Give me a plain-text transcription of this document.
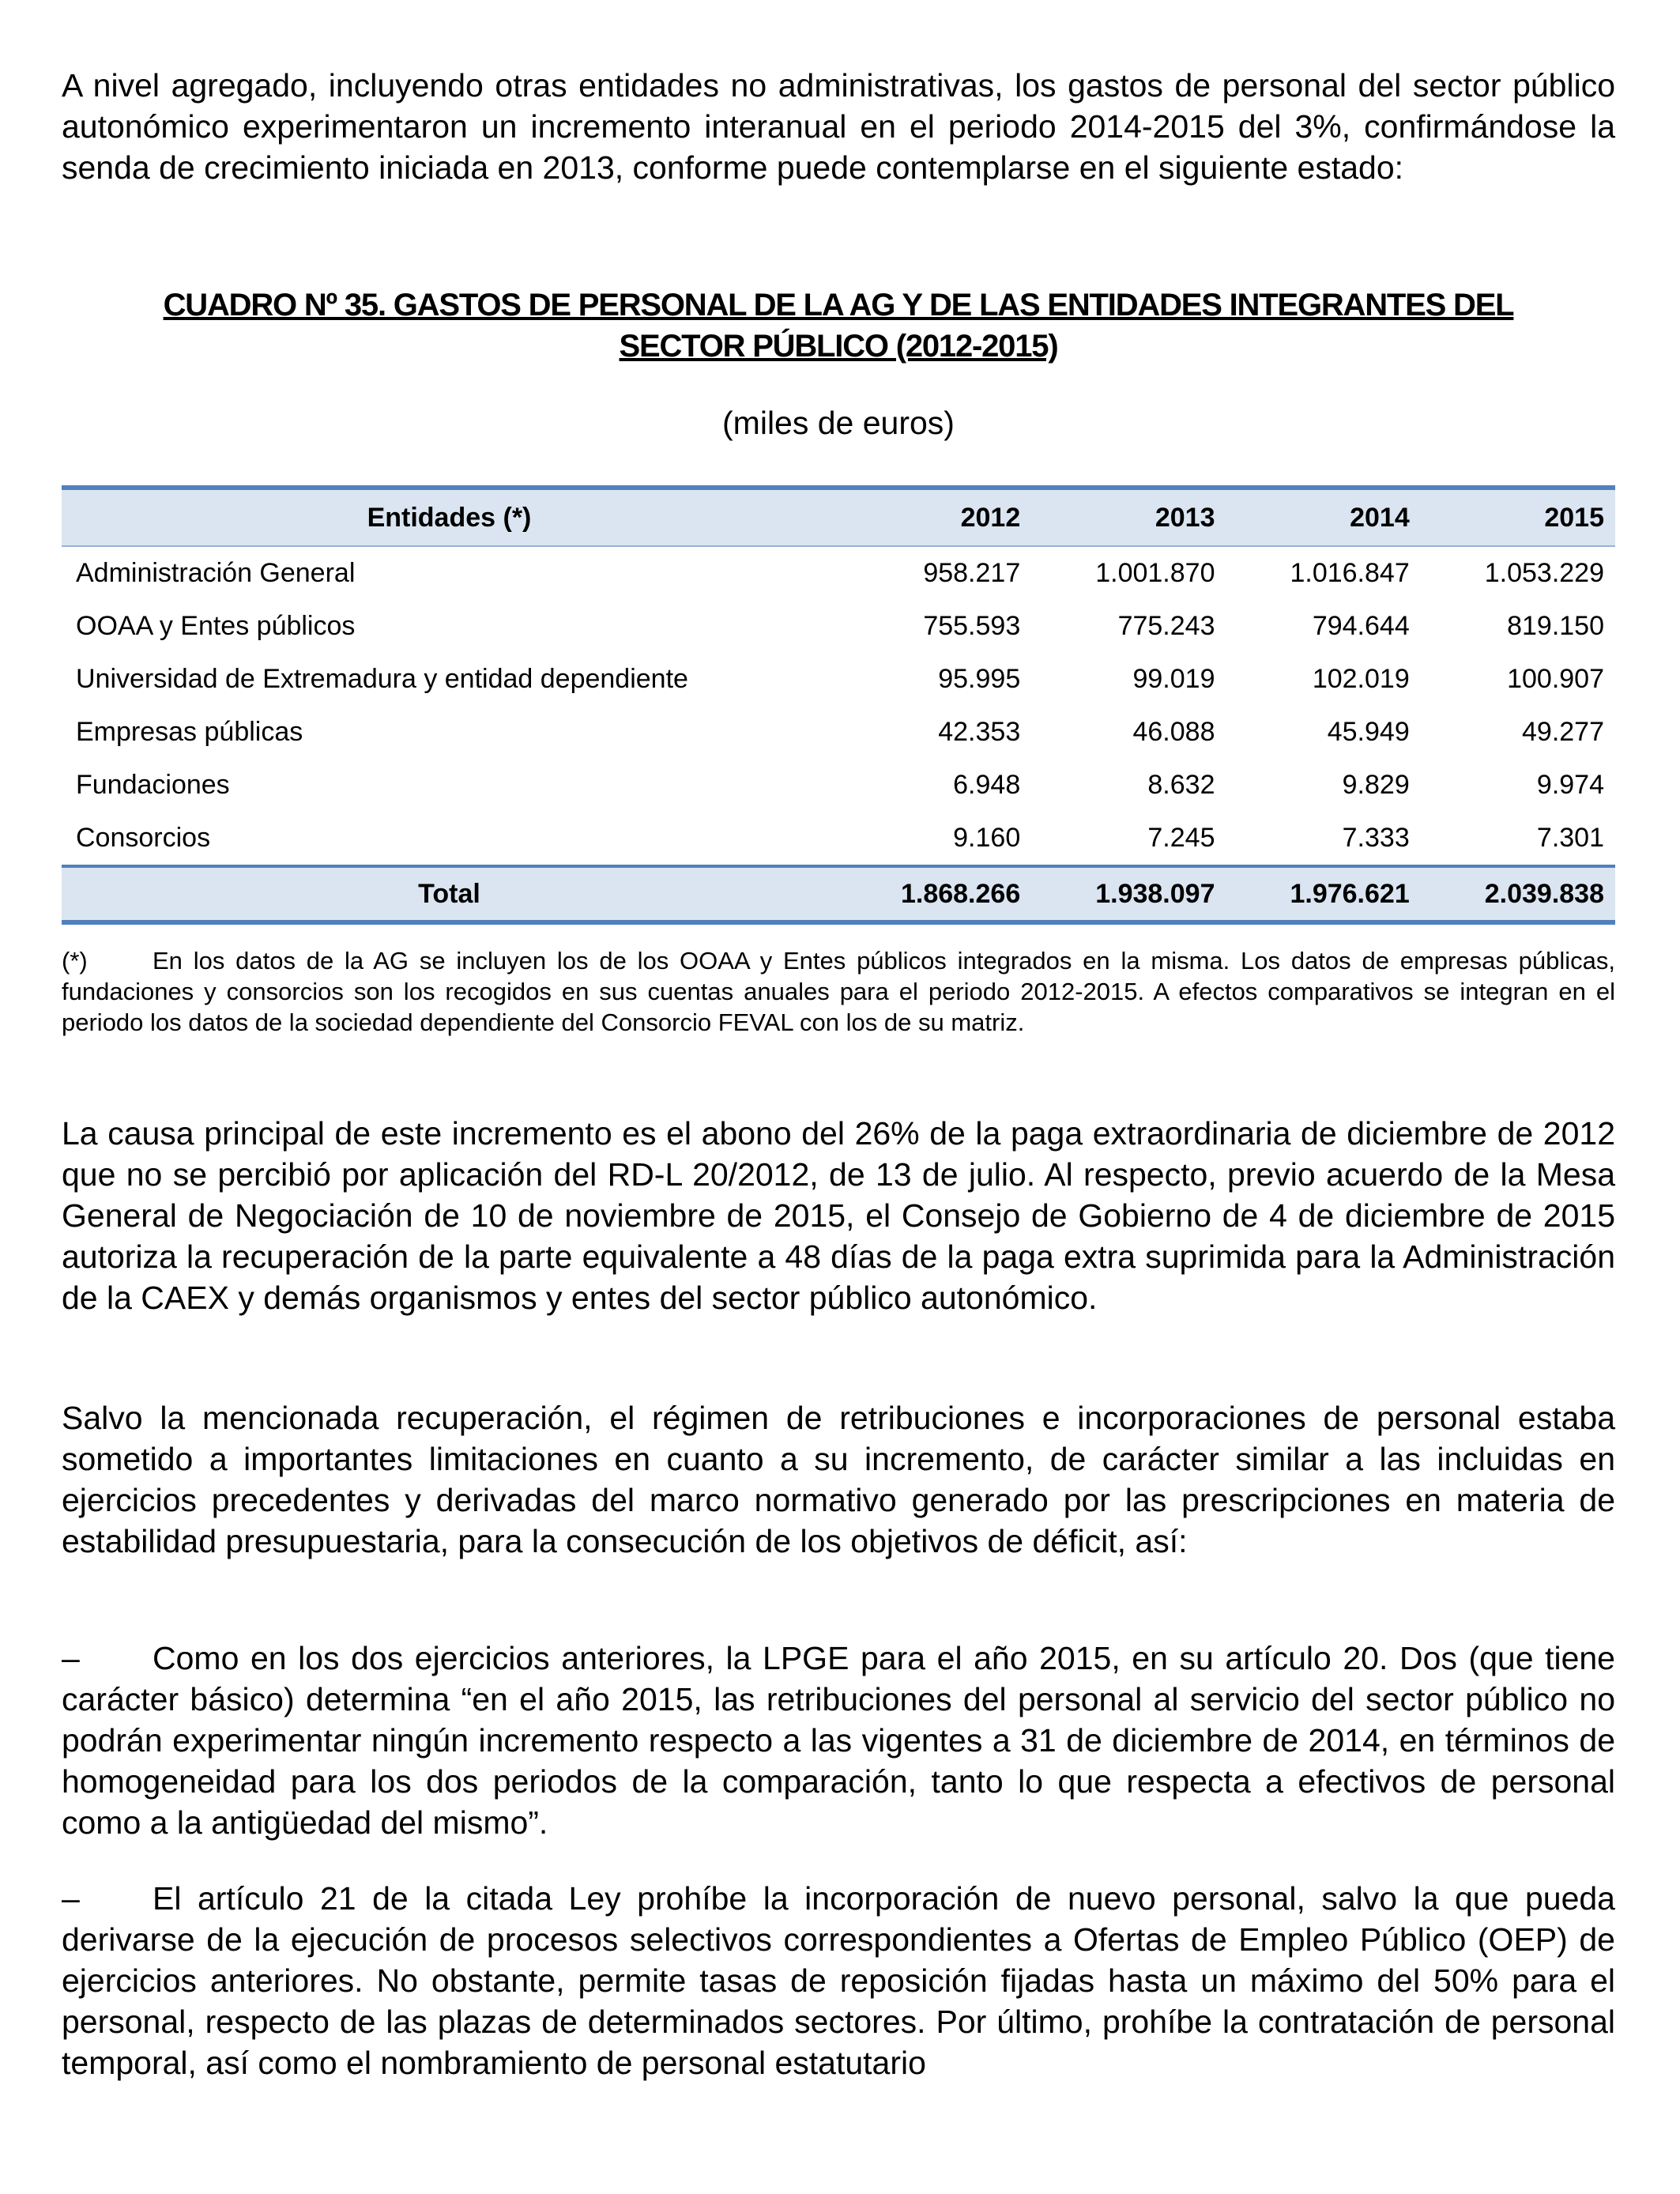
A nivel agregado, incluyendo otras entidades no administrativas, los gastos de personal del sector público autonómico experimentaron un incremento interanual en el periodo 2014-2015 del 3%, confirmándose la senda de crecimiento iniciada en 2013, conforme puede contemplarse en el siguiente estado:

CUADRO Nº 35. GASTOS DE PERSONAL DE LA AG Y DE LAS ENTIDADES INTEGRANTES DEL
SECTOR PÚBLICO (2012-2015)
(miles de euros)
Entidades (*)	2012	2013	2014	2015
Administración General	958.217	1.001.870	1.016.847	1.053.229
OOAA y Entes públicos	755.593	775.243	794.644	819.150
Universidad de Extremadura y entidad dependiente	95.995	99.019	102.019	100.907
Empresas públicas	42.353	46.088	45.949	49.277
Fundaciones	6.948	8.632	9.829	9.974
Consorcios	9.160	7.245	7.333	7.301
Total	1.868.266	1.938.097	1.976.621	2.039.838

(*)	En los datos de la AG se incluyen los de los OOAA y Entes públicos integrados en la misma. Los datos de empresas públicas, fundaciones y consorcios son los recogidos en sus cuentas anuales para el periodo 2012-2015. A efectos comparativos se integran en el periodo los datos de la sociedad dependiente del Consorcio FEVAL con los de su matriz.

La causa principal de este incremento es el abono del 26% de la paga extraordinaria de diciembre de 2012 que no se percibió por aplicación del RD-L 20/2012, de 13 de julio. Al respecto, previo acuerdo de la Mesa General de Negociación de 10 de noviembre de 2015, el Consejo de Gobierno de 4 de diciembre de 2015 autoriza la recuperación de la parte equivalente a 48 días de la paga extra suprimida para la Administración de la CAEX y demás organismos y entes del sector público autonómico.

Salvo la mencionada recuperación, el régimen de retribuciones e incorporaciones de personal estaba sometido a importantes limitaciones en cuanto a su incremento, de carácter similar a las incluidas en ejercicios precedentes y derivadas del marco normativo generado por las prescripciones en materia de estabilidad presupuestaria, para la consecución de los objetivos de déficit, así:

– Como en los dos ejercicios anteriores, la LPGE para el año 2015, en su artículo 20. Dos (que tiene carácter básico) determina “en el año 2015, las retribuciones del personal al servicio del sector público no podrán experimentar ningún incremento respecto a las vigentes a 31 de diciembre de 2014, en términos de homogeneidad para los dos periodos de la comparación, tanto lo que respecta a efectivos de personal como a la antigüedad del mismo”.

– El artículo 21 de la citada Ley prohíbe la incorporación de nuevo personal, salvo la que pueda derivarse de la ejecución de procesos selectivos correspondientes a Ofertas de Empleo Público (OEP) de ejercicios anteriores. No obstante, permite tasas de reposición fijadas hasta un máximo del 50% para el personal, respecto de las plazas de determinados sectores. Por último, prohíbe la contratación de personal temporal, así como el nombramiento de personal estatutario
